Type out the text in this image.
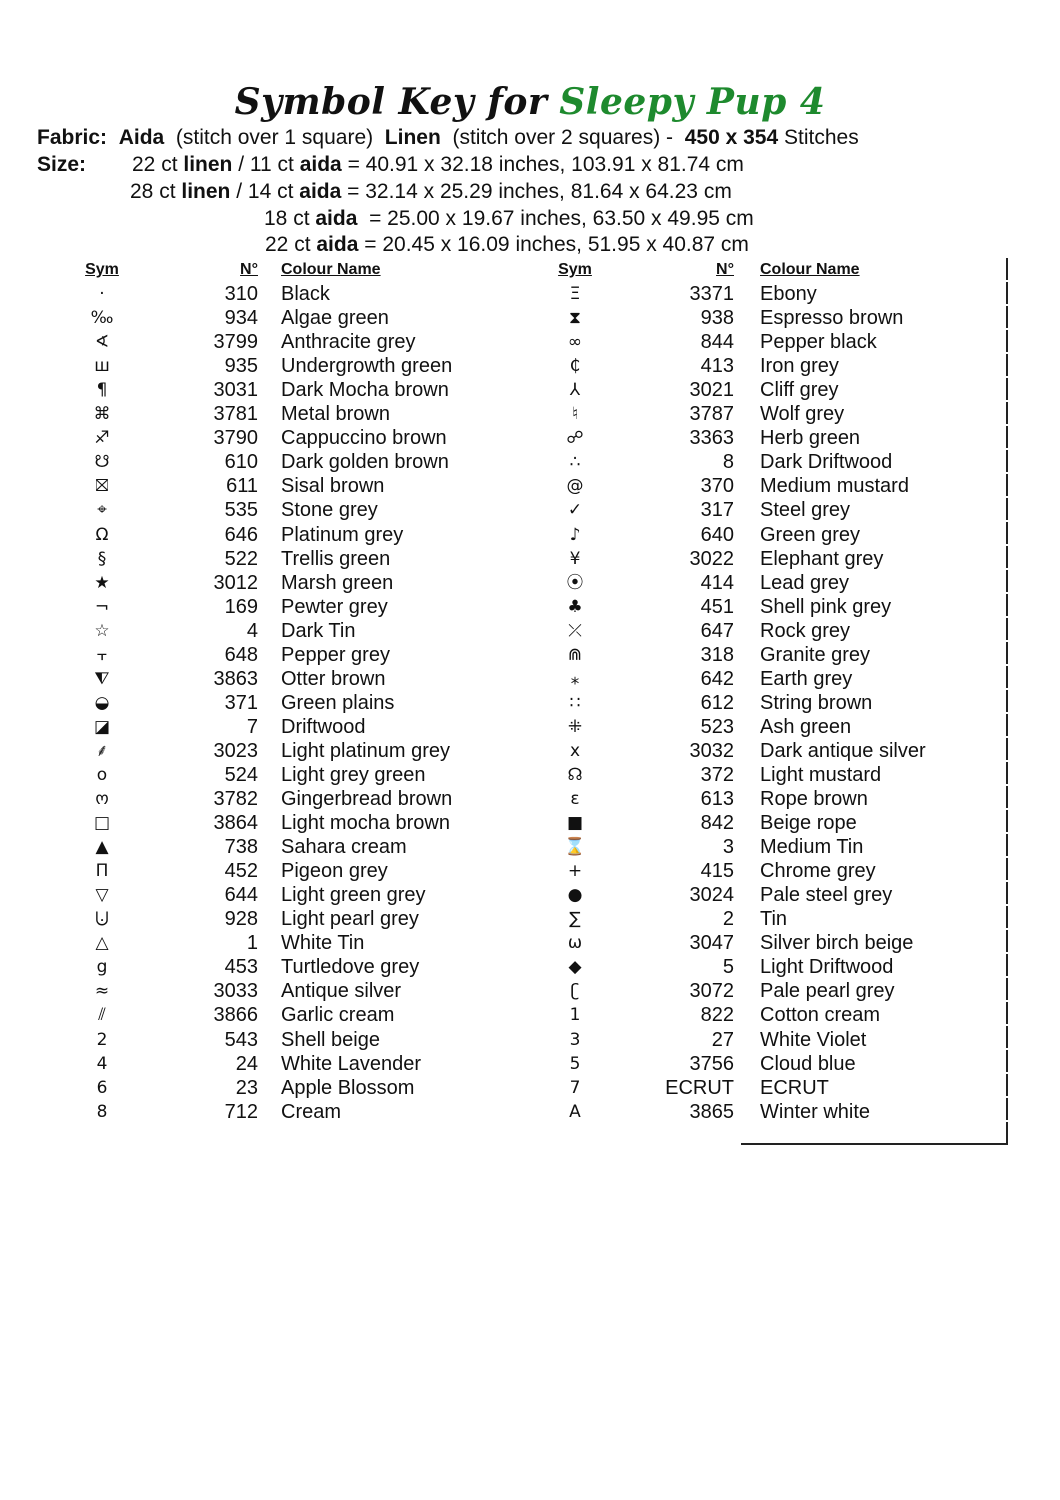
Symbol Key for Sleepy Pup 4
Fabric: Aida (stitch over 1 square) Linen (stitch over 2 squares) - 450 x 354 Stitches
Size: 22 ct linen / 11 ct aida = 40.91 x 32.18 inches, 103.91 x 81.74 cm
28 ct linen / 14 ct aida = 32.14 x 25.29 inches, 81.64 x 64.23 cm
18 ct aida  = 25.00 x 19.67 inches, 63.50 x 49.95 cm
22 ct aida = 20.45 x 16.09 inches, 51.95 x 40.87 cm
Sym	N° Colour Name
·	310 Black
‰	934 Algae green
∢	3799 Anthracite grey
ш	935 Undergrowth green
¶	3031 Dark Mocha brown
⌘	3781 Metal brown
♐	3790 Cappuccino brown
☋	610 Dark golden brown
⛝	611 Sisal brown
⌖	535 Stone grey
Ω	646 Platinum grey
§	522 Trellis green
★	3012 Marsh green
¬	169 Pewter grey
☆	4 Dark Tin
⫟	648 Pepper grey
⧨	3863 Otter brown
◒	371 Green plains
◪	7 Driftwood
⸙	3023 Light platinum grey
o	524 Light grey green
ო	3782 Gingerbread brown
□	3864 Light mocha brown
▲	738 Sahara cream
Π	452 Pigeon grey
▽	644 Light green grey
⨃	928 Light pearl grey
△	1 White Tin
g	453 Turtledove grey
≈	3033 Antique silver
⫽	3866 Garlic cream
2	543 Shell beige
4	24 White Lavender
6	23 Apple Blossom
8	712 Cream
Sym	N° Colour Name
Ξ	3371 Ebony
⧗	938 Espresso brown
∞	844 Pepper black
₵	413 Iron grey
⅄	3021 Cliff grey
♮	3787 Wolf grey
☍	3363 Herb green
∴	8 Dark Driftwood
@	370 Medium mustard
✓	317 Steel grey
♪	640 Green grey
¥	3022 Elephant grey
⦿	414 Lead grey
♣	451 Shell pink grey
⤫	647 Rock grey
⋒	318 Granite grey
⁎	642 Earth grey
∷	612 String brown
⁜	523 Ash green
x	3032 Dark antique silver
☊	372 Light mustard
ɛ	613 Rope brown
■	842 Beige rope
⌛	3 Medium Tin
+	415 Chrome grey
●	3024 Pale steel grey
∑	2 Tin
ω	3047 Silver birch beige
◆	5 Light Driftwood
ʗ	3072 Pale pearl grey
1	822 Cotton cream
3	27 White Violet
5	3756 Cloud blue
7	ECRUT ECRUT
A	3865 Winter white
